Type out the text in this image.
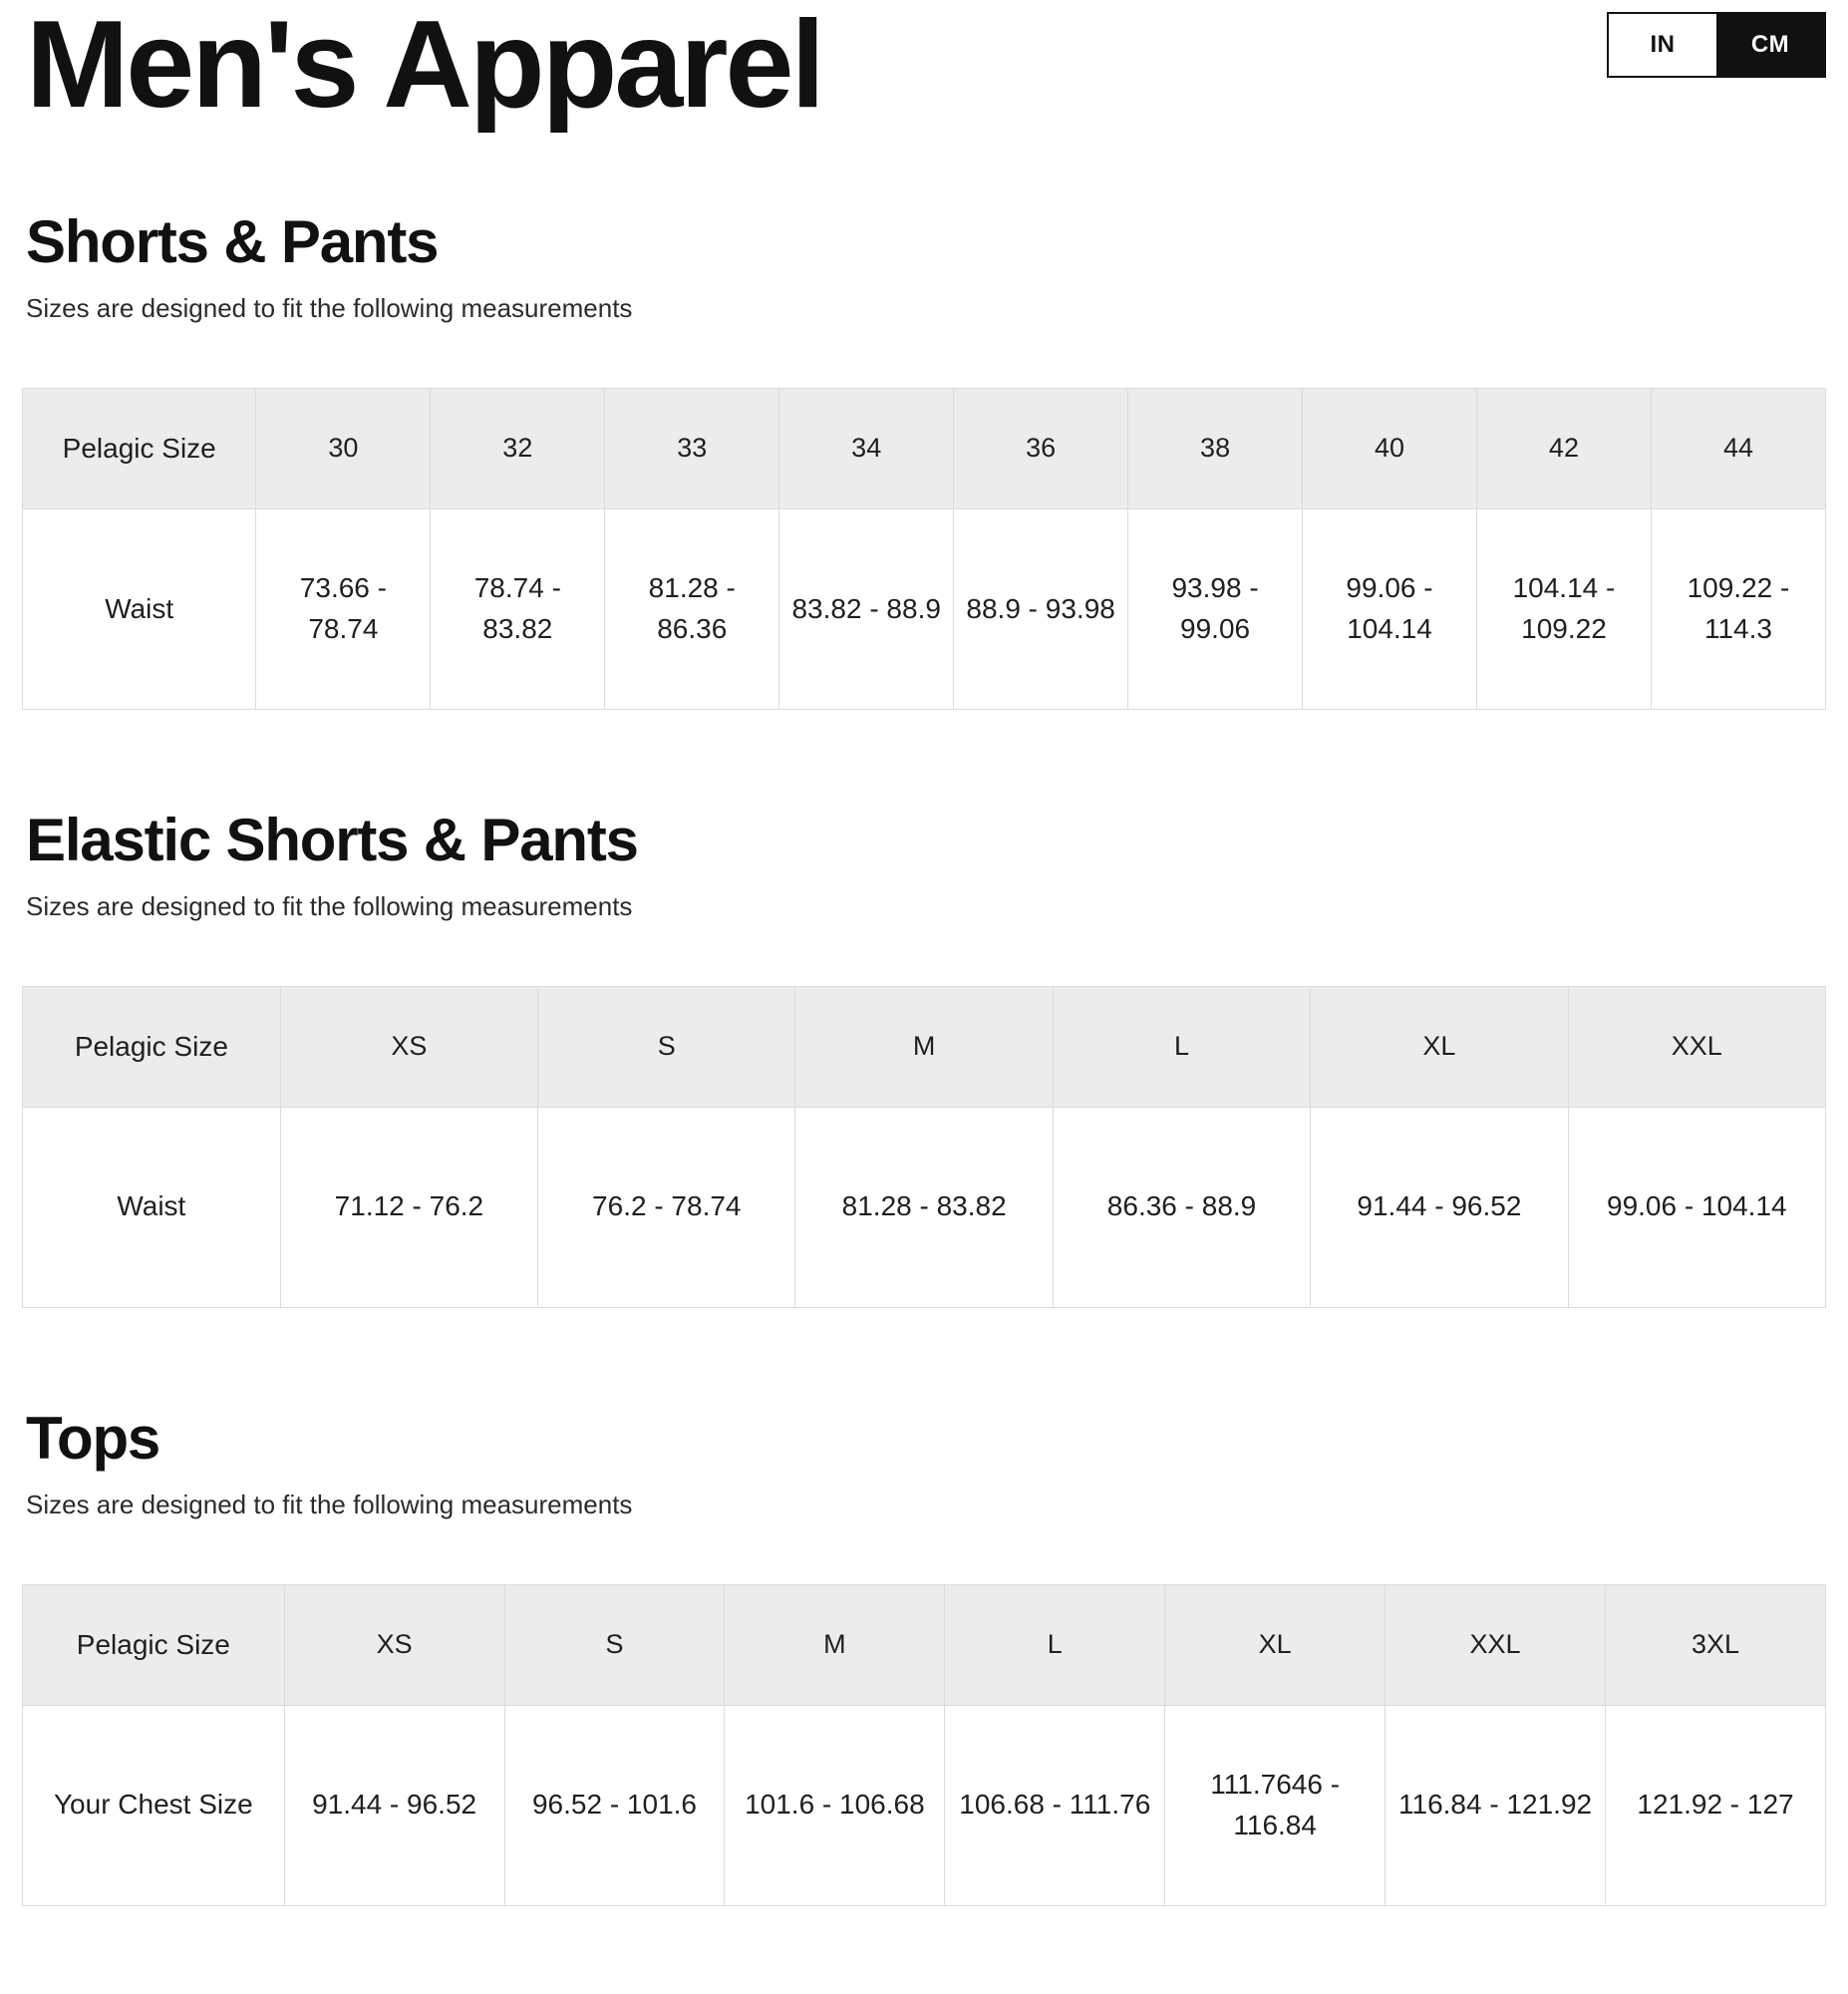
IN	CM
Men's Apparel
Shorts & Pants

Sizes are designed to fit the following measurements

Pelagic Size	30	32	33	34	36	38	40	42	44
Waist	73.66 - 78.74	78.74 - 83.82	81.28 - 86.36	83.82 - 88.9	88.9 - 93.98	93.98 - 99.06	99.06 - 104.14	104.14 - 109.22	109.22 - 114.3
Elastic Shorts & Pants

Sizes are designed to fit the following measurements

Pelagic Size	XS	S	M	L	XL	XXL
Waist	71.12 - 76.2	76.2 - 78.74	81.28 - 83.82	86.36 - 88.9	91.44 - 96.52	99.06 - 104.14
Tops

Sizes are designed to fit the following measurements

Pelagic Size	XS	S	M	L	XL	XXL	3XL
Your Chest Size	91.44 - 96.52	96.52 - 101.6	101.6 - 106.68	106.68 - 111.76	111.7646 - 116.84	116.84 - 121.92	121.92 - 127
